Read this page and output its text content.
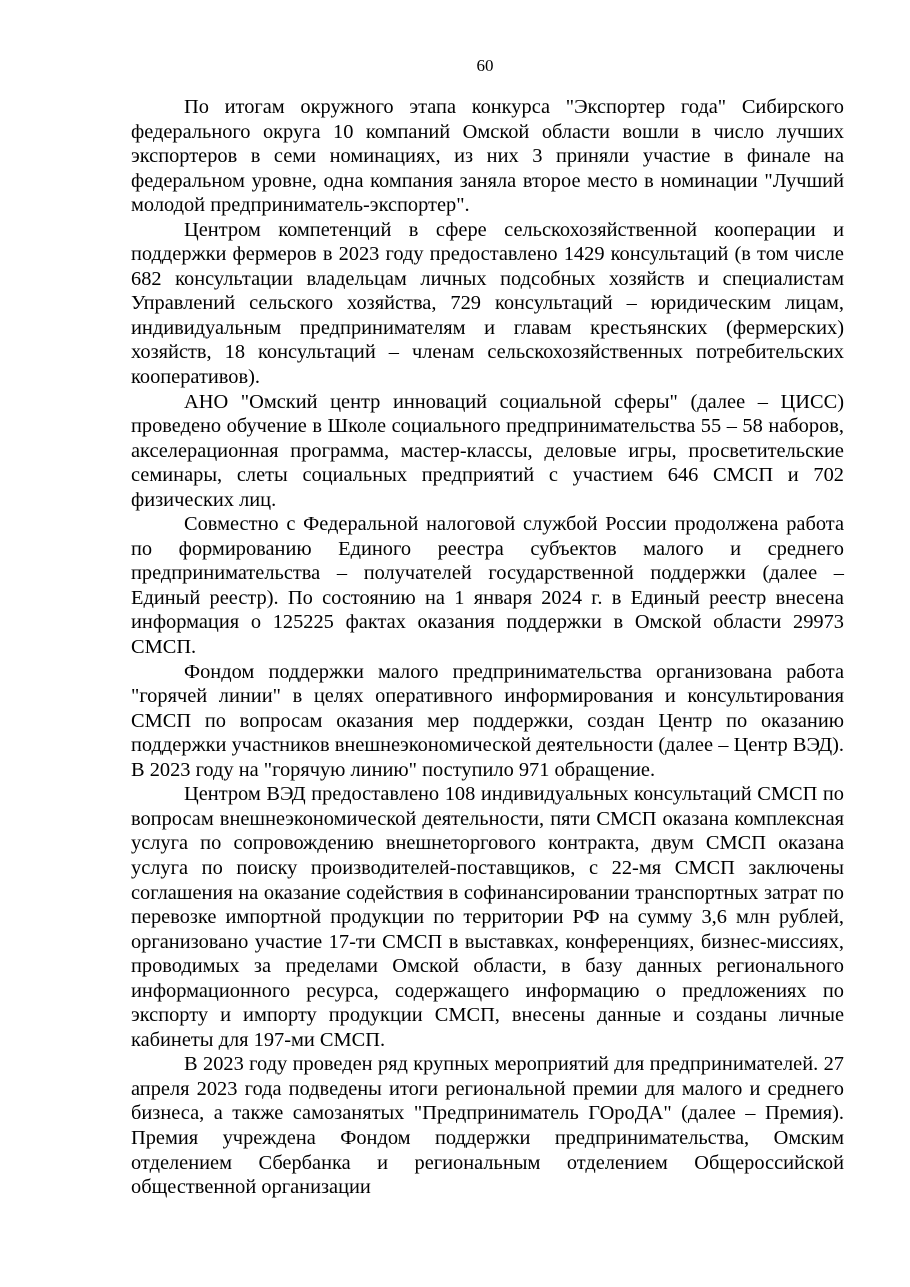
60

По итогам окружного этапа конкурса "Экспортер года" Сибирского федерального округа 10 компаний Омской области вошли в число лучших экспортеров в семи номинациях, из них 3 приняли участие в финале на федеральном уровне, одна компания заняла второе место в номинации "Лучший молодой предприниматель-экспортер".

Центром компетенций в сфере сельскохозяйственной кооперации и поддержки фермеров в 2023 году предоставлено 1429 консультаций (в том числе 682 консультации владельцам личных подсобных хозяйств и специалистам Управлений сельского хозяйства, 729 консультаций – юридическим лицам, индивидуальным предпринимателям и главам крестьянских (фермерских) хозяйств, 18 консультаций – членам сельскохозяйственных потребительских кооперативов).

АНО "Омский центр инноваций социальной сферы" (далее – ЦИСС) проведено обучение в Школе социального предпринимательства 55 – 58 наборов, акселерационная программа, мастер-классы, деловые игры, просветительские семинары, слеты социальных предприятий с участием 646 СМСП и 702 физических лиц.

Совместно с Федеральной налоговой службой России продолжена работа по формированию Единого реестра субъектов малого и среднего предпринимательства – получателей государственной поддержки (далее – Единый реестр). По состоянию на 1 января 2024 г. в Единый реестр внесена информация о 125225 фактах оказания поддержки в Омской области 29973 СМСП.

Фондом поддержки малого предпринимательства организована работа "горячей линии" в целях оперативного информирования и консультирования СМСП по вопросам оказания мер поддержки, создан Центр по оказанию поддержки участников внешнеэкономической деятельности (далее – Центр ВЭД). В 2023 году на "горячую линию" поступило 971 обращение.

Центром ВЭД предоставлено 108 индивидуальных консультаций СМСП по вопросам внешнеэкономической деятельности, пяти СМСП оказана комплексная услуга по сопровождению внешнеторгового контракта, двум СМСП оказана услуга по поиску производителей-поставщиков, с 22-мя СМСП заключены соглашения на оказание содействия в софинансировании транспортных затрат по перевозке импортной продукции по территории РФ на сумму 3,6 млн рублей, организовано участие 17-ти СМСП в выставках, конференциях, бизнес-миссиях, проводимых за пределами Омской области, в базу данных регионального информационного ресурса, содержащего информацию о предложениях по экспорту и импорту продукции СМСП, внесены данные и созданы личные кабинеты для 197-ми СМСП.

В 2023 году проведен ряд крупных мероприятий для предпринимателей. 27 апреля 2023 года подведены итоги региональной премии для малого и среднего бизнеса, а также самозанятых "Предприниматель ГОроДА" (далее – Премия). Премия учреждена Фондом поддержки предпринимательства, Омским отделением Сбербанка и региональным отделением Общероссийской общественной организации
